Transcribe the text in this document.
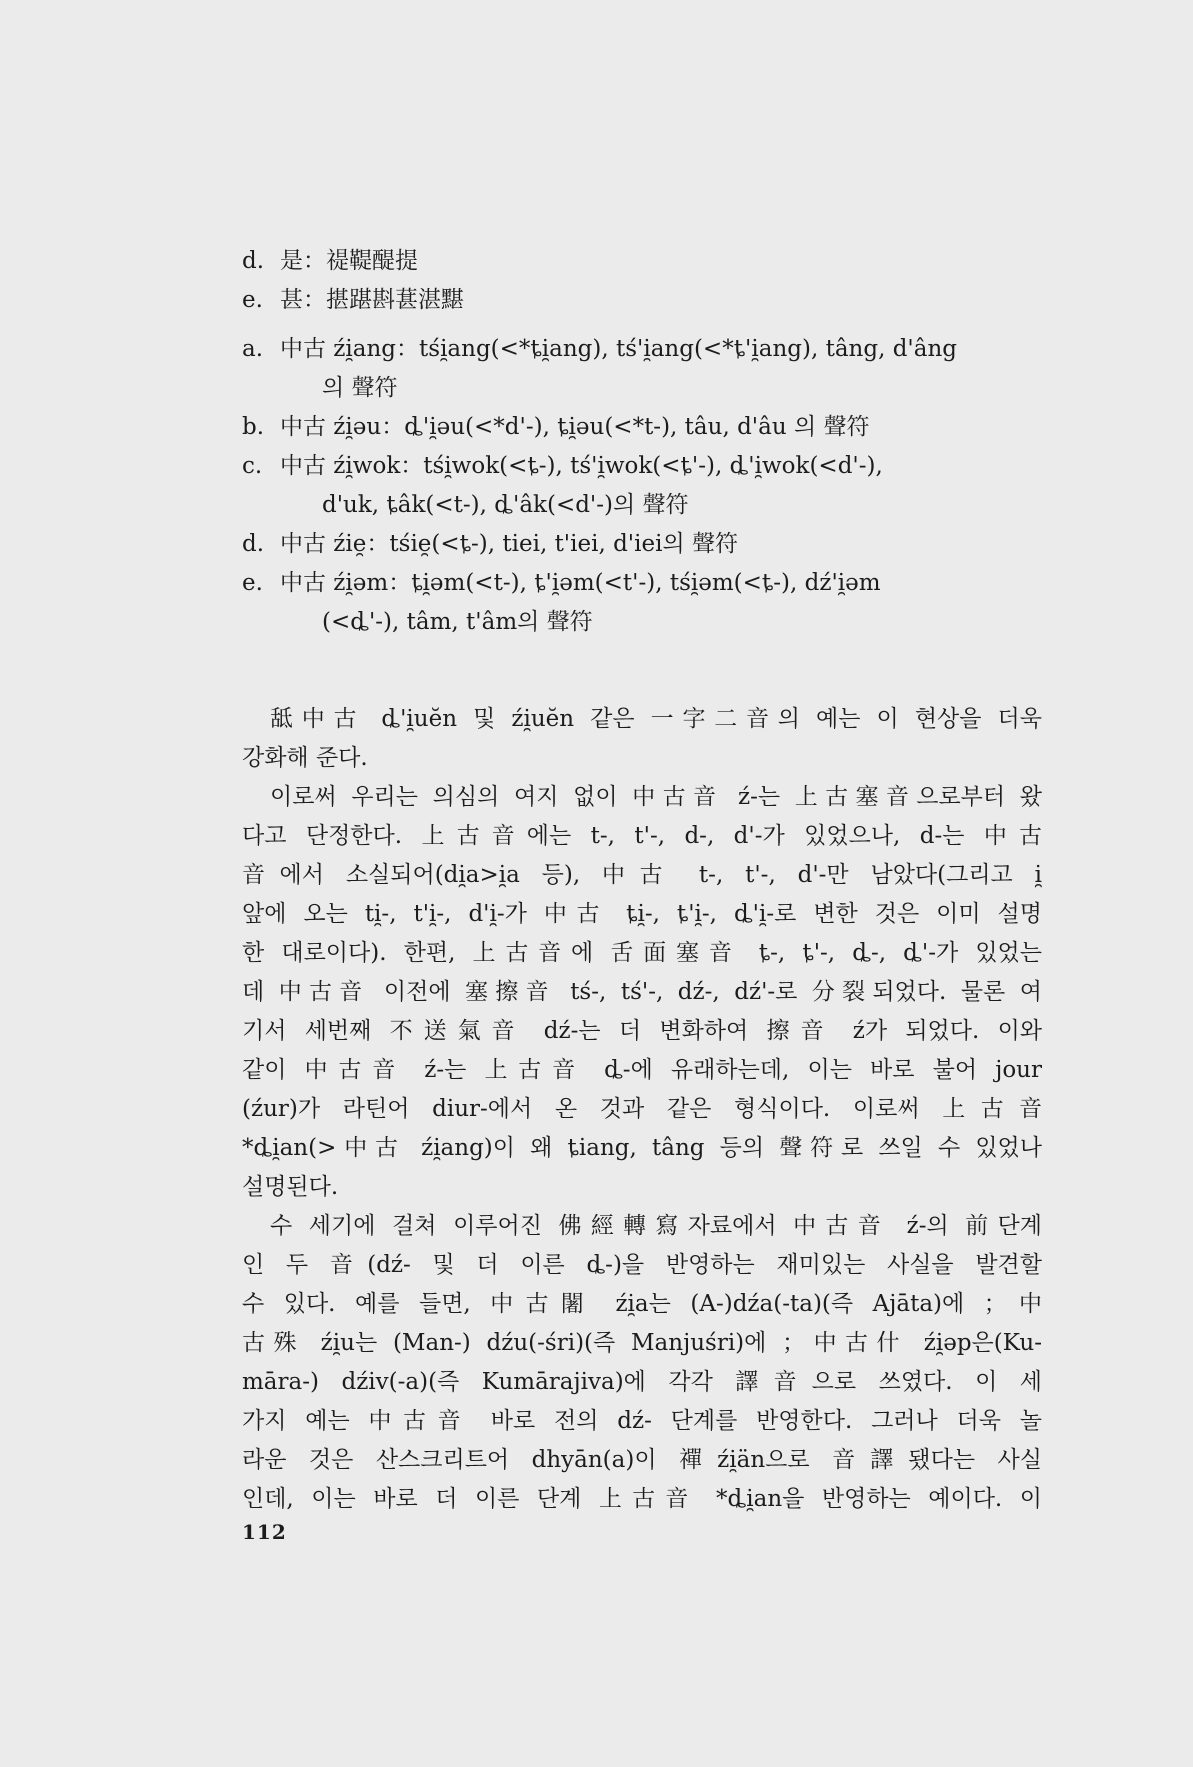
d. 是：禔鞮醍提
e. 甚：揕踸斟葚湛黮
a. 中古 źi̯ang：tśi̯ang(<*ȶi̯ang), tś'i̯ang(<*ȶ'i̯ang), tâng, d'âng
의 聲符
b. 中古 źi̯əu：ȡ'i̯əu(<*d'-), ȶi̯əu(<*t-), tâu, d'âu 의 聲符
c. 中古 źi̯wok：tśi̯wok(<ȶ-), tś'i̯wok(<ȶ'-), ȡ'i̯wok(<d'-),
d'uk, ȶâk(<t-), ȡ'âk(<d'-)의 聲符
d. 中古 źie̯：tśie̯(<ȶ-), tiei, t'iei, d'iei의 聲符
e. 中古 źi̯əm：ȶi̯əm(<t-), ȶ'i̯əm(<t'-), tśi̯əm(<ȶ-), dź'i̯əm
(<ȡ'-), tâm, t'âm의 聲符
䑛中古 ȡ'i̯uĕn 및 źi̯uĕn 같은 一字二音의 예는 이 현상을 더욱
강화해 준다.
이로써 우리는 의심의 여지 없이 中古音 ź-는 上古塞音으로부터 왔
다고 단정한다. 上古音에는 t-, t'-, d-, d'-가 있었으나, d-는 中古
音에서 소실되어(di̯a>i̯a 등), 中古 t-, t'-, d'-만 남았다(그리고 i̯
앞에 오는 ti̯-, t'i̯-, d'i̯-가 中古 ȶi̯-, ȶ'i̯-, ȡ'i̯-로 변한 것은 이미 설명
한 대로이다). 한편, 上古音에 舌面塞音 ȶ-, ȶ'-, ȡ-, ȡ'-가 있었는
데 中古音 이전에 塞擦音 tś-, tś'-, dź-, dź'-로 分裂되었다. 물론 여
기서 세번째 不送氣音 dź-는 더 변화하여 擦音 ź가 되었다. 이와
같이 中古音 ź-는 上古音 ȡ-에 유래하는데, 이는 바로 불어 jour
(źur)가 라틴어 diur-에서 온 것과 같은 형식이다. 이로써 上古音
*ȡi̯an(>中古 źi̯ang)이 왜 ȶiang, tâng 등의 聲符로 쓰일 수 있었나
설명된다.
수 세기에 걸쳐 이루어진 佛經轉寫자료에서 中古音 ź-의 前단계
인 두 音(dź- 및 더 이른 ȡ-)을 반영하는 재미있는 사실을 발견할
수 있다. 예를 들면, 中古闍 źi̯a는 (A-)dźa(-ta)(즉 Ajāta)에 ；中
古殊 źi̯u는 (Man-) dźu(-śri)(즉 Manjuśri)에 ；中古什 źi̯əp은(Ku-
māra-) dźiv(-a)(즉 Kumārajiva)에 각각 譯音으로 쓰였다. 이 세
가지 예는 中古音 바로 전의 dź- 단계를 반영한다. 그러나 더욱 놀
라운 것은 산스크리트어 dhyān(a)이 禪źi̯än으로 音譯됐다는 사실
인데, 이는 바로 더 이른 단계 上古音 *ȡi̯an을 반영하는 예이다. 이
112
